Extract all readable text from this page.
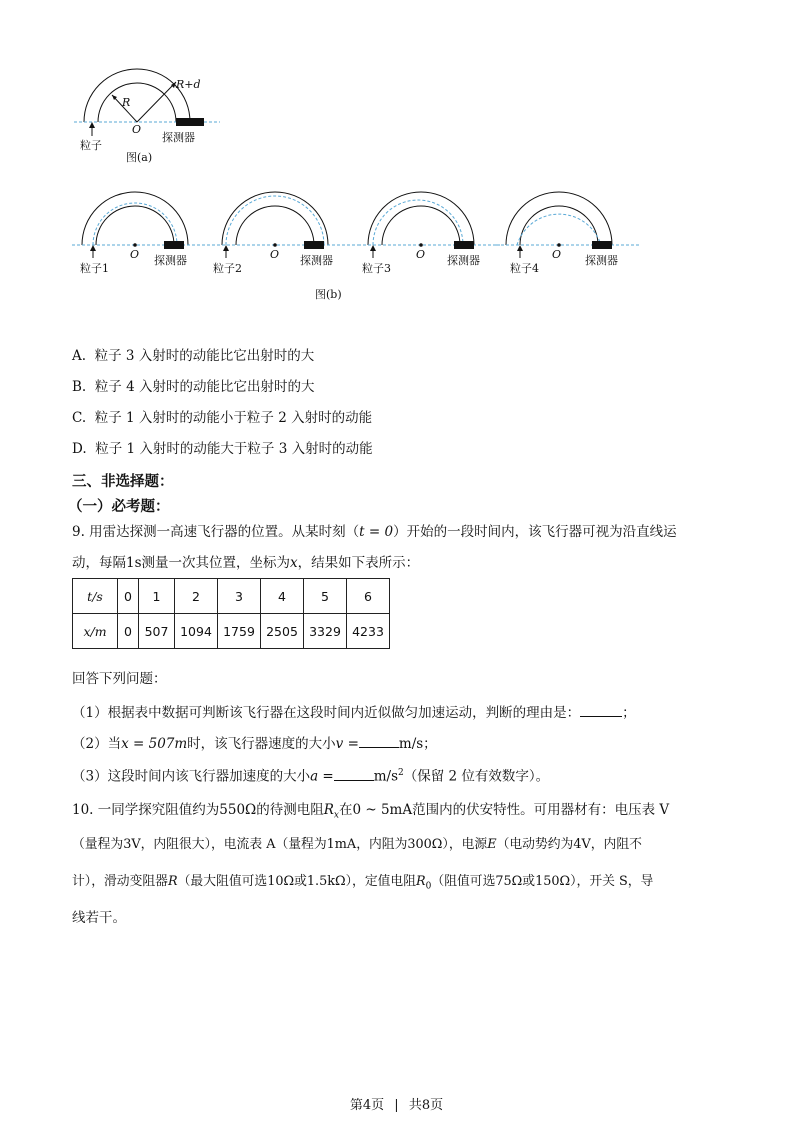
R
R+d
O
粒子
探测器
图(a)
O
粒子1
探测器	O
粒子2
探测器	O
粒子3
探测器	O
粒子4
探测器
图(b)
A. 粒子 3 入射时的动能比它出射时的大
B. 粒子 4 入射时的动能比它出射时的大
C. 粒子 1 入射时的动能小于粒子 2 入射时的动能
D. 粒子 1 入射时的动能大于粒子 3 入射时的动能
三、非选择题：
（一）必考题：
9. 用雷达探测一高速飞行器的位置。从某时刻（t = 0）开始的一段时间内，该飞行器可视为沿直线运
动，每隔1s测量一次其位置，坐标为x，结果如下表所示：
t/s	0	1	2	3	4	5	6
x/m	0	507	1094	1759	2505	3329	4233
回答下列问题：
（1）根据表中数据可判断该飞行器在这段时间内近似做匀加速运动，判断的理由是：	；
（2）当x = 507m时，该飞行器速度的大小v =	m/s；
（3）这段时间内该飞行器加速度的大小a =	$m/s^2$（保留 2 位有效数字）。
10. 一同学探究阻值约为550Ω的待测电阻$R_x$在0 ~ 5mA范围内的伏安特性。可用器材有：电压表 V
（量程为3V，内阻很大），电流表 A（量程为1mA，内阻为300Ω），电源E（电动势约为4V，内阻不
计），滑动变阻器R（最大阻值可选10Ω或1.5kΩ），定值电阻$R_0$（阻值可选75Ω或150Ω），开关 S，导
线若干。
第4页 | 共8页
